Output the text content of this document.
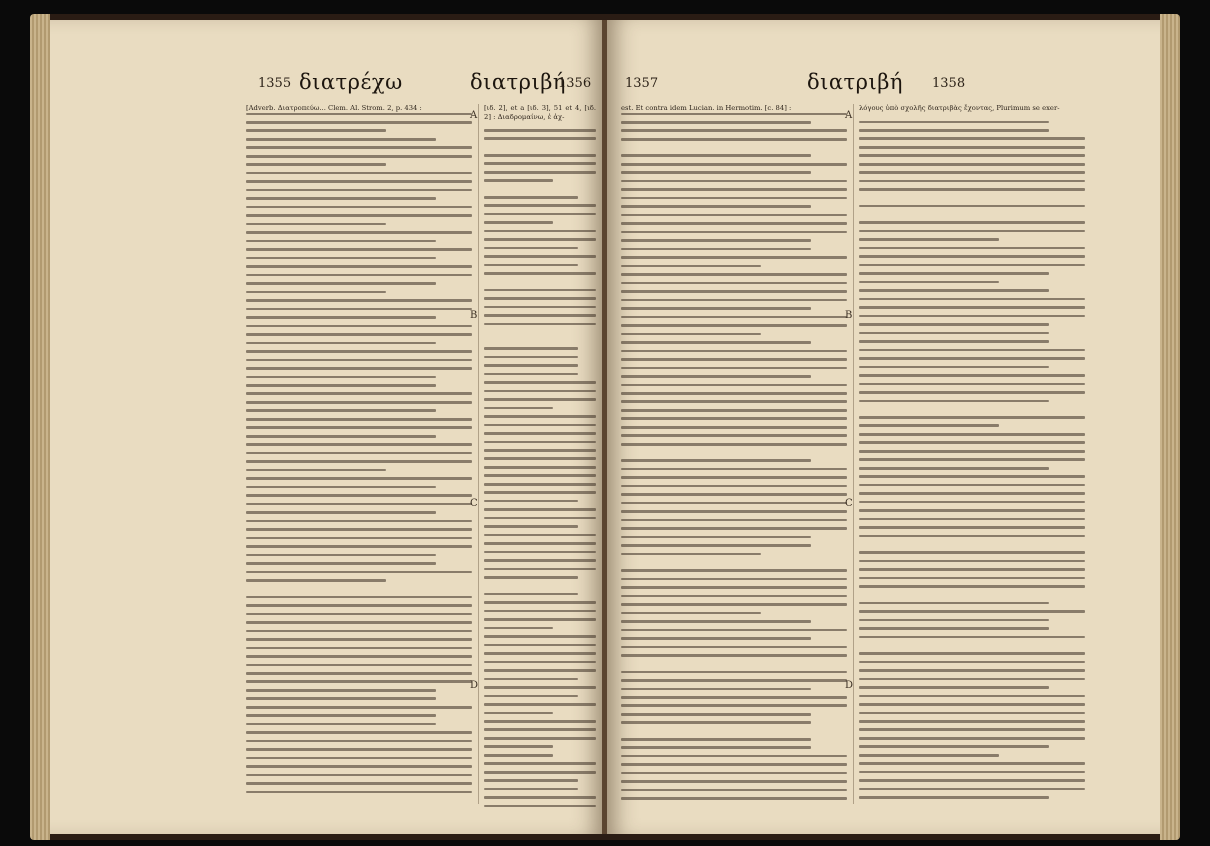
1355 διατρέχω	διατριβή
1356

[Adverb. Διατροπεύω... Clem. Al. Strom. 2, p. 434 :	[ιδ. 2], et a [ιδ. 3], 51 et 4, [ιδ. 2] : Διαδρομαίνω, ἐ ἀχ-

A
B
C
D
1357	διατριβή 1358

est. Et contra idem Lucian. in Hermotim. [c. 84] :	λόγους ὑπὸ σχολῆς διατριβὰς ἔχοντας, Plurimum se exer-

A
B
C
D
